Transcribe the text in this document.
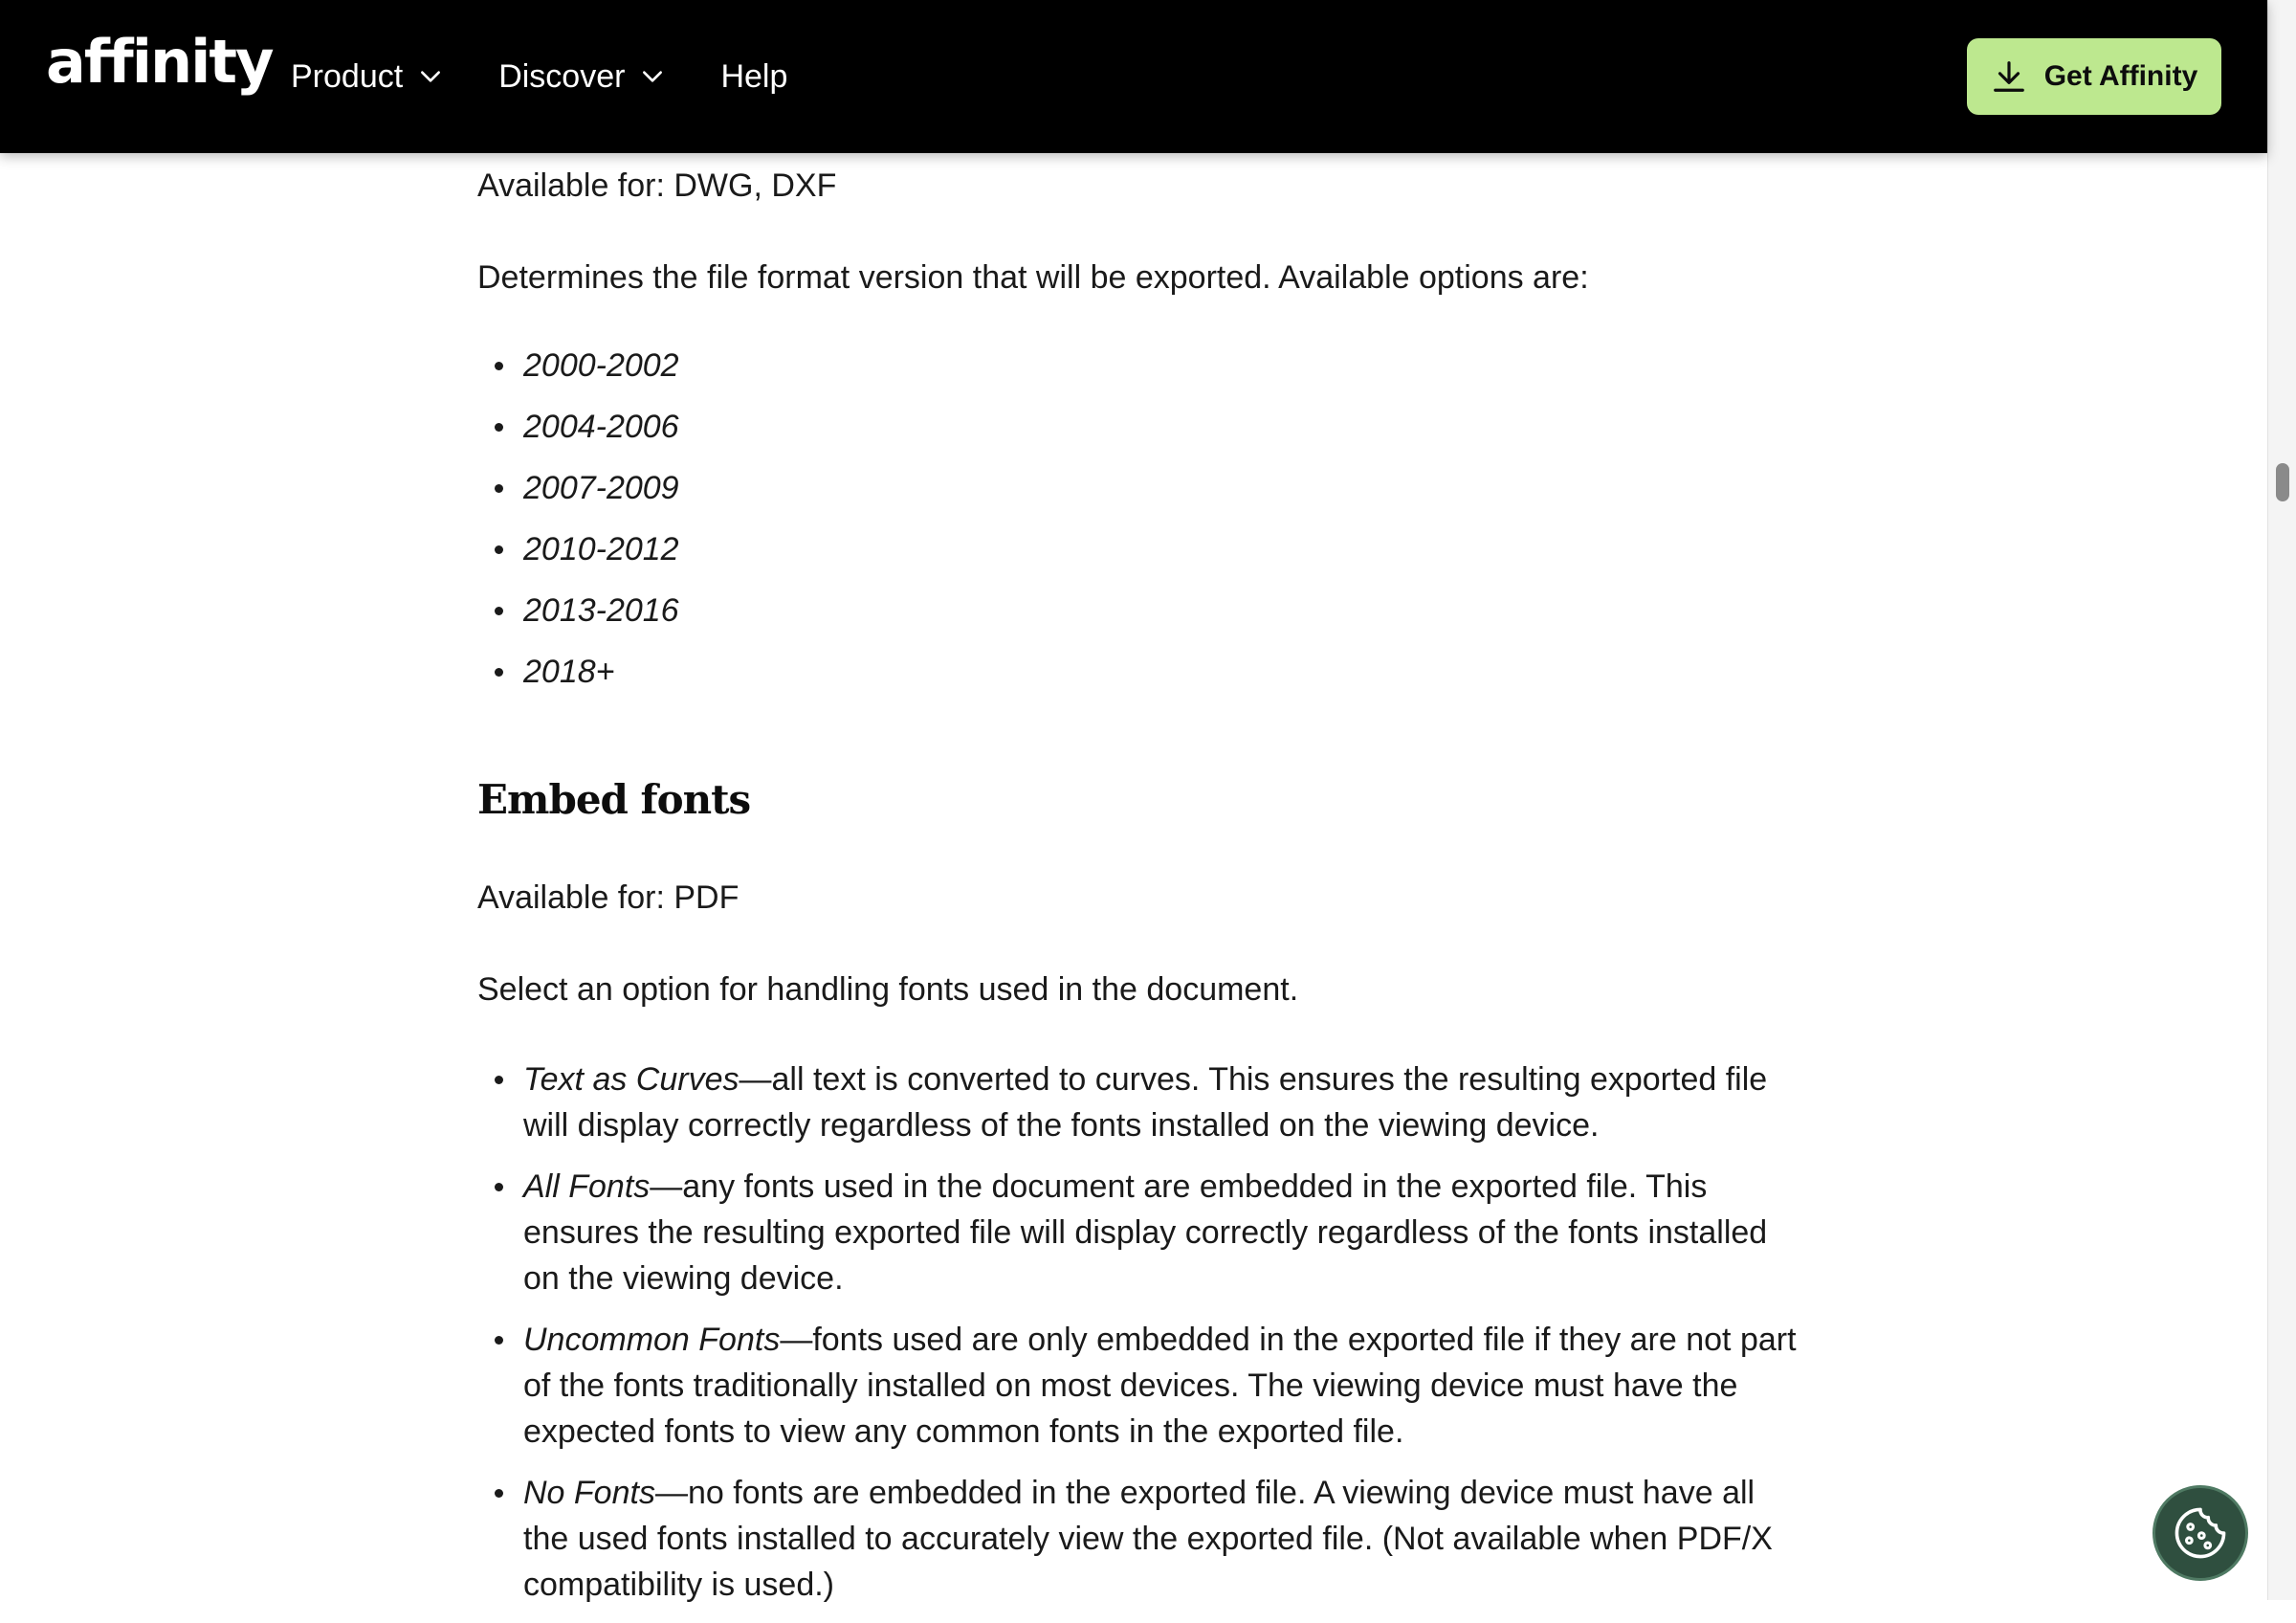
affinity Product	Discover	Help	Get Affinity

Available for: DWG, DXF

Determines the file format version that will be exported. Available options are:

2000-2002
2004-2006
2007-2009
2010-2012
2013-2016
2018+
Embed fonts

Available for: PDF

Select an option for handling fonts used in the document.

Text as Curves—all text is converted to curves. This ensures the resulting exported file will display correctly regardless of the fonts installed on the viewing device.
All Fonts—any fonts used in the document are embedded in the exported file. This ensures the resulting exported file will display correctly regardless of the fonts installed on the viewing device.
Uncommon Fonts—fonts used are only embedded in the exported file if they are not part of the fonts traditionally installed on most devices. The viewing device must have the expected fonts to view any common fonts in the exported file.
No Fonts—no fonts are embedded in the exported file. A viewing device must have all the used fonts installed to accurately view the exported file. (Not available when PDF/X compatibility is used.)
